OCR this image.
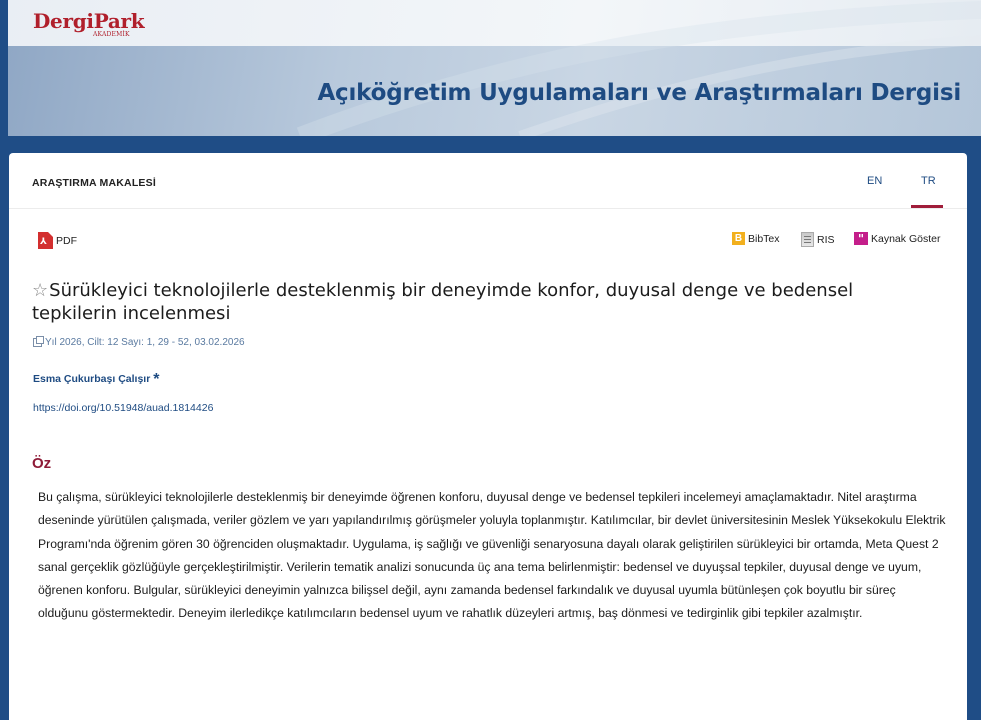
DergiPark
AKADEMİK
Açıköğretim Uygulamaları ve Araştırmaları Dergisi
ARAŞTIRMA MAKALESİ	EN	TR
⅄ PDF	B BibTex	RIS	" Kaynak Göster
☆Sürükleyici teknolojilerle desteklenmiş bir deneyimde konfor, duyusal denge ve bedensel tepkilerin incelenmesi
Yıl 2026, Cilt: 12 Sayı: 1, 29 - 52, 03.02.2026
Esma Çukurbaşı Çalışır *
https://doi.org/10.51948/auad.1814426
Öz
Bu çalışma, sürükleyici teknolojilerle desteklenmiş bir deneyimde öğrenen konforu, duyusal denge ve bedensel tepkileri incelemeyi amaçlamaktadır. Nitel araştırma deseninde yürütülen çalışmada, veriler gözlem ve yarı yapılandırılmış görüşmeler yoluyla toplanmıştır. Katılımcılar, bir devlet üniversitesinin Meslek Yüksekokulu Elektrik Programı'nda öğrenim gören 30 öğrenciden oluşmaktadır. Uygulama, iş sağlığı ve güvenliği senaryosuna dayalı olarak geliştirilen sürükleyici bir ortamda, Meta Quest 2 sanal gerçeklik gözlüğüyle gerçekleştirilmiştir. Verilerin tematik analizi sonucunda üç ana tema belirlenmiştir: bedensel ve duyuşsal tepkiler, duyusal denge ve uyum, öğrenen konforu. Bulgular, sürükleyici deneyimin yalnızca bilişsel değil, aynı zamanda bedensel farkındalık ve duyusal uyumla bütünleşen çok boyutlu bir süreç olduğunu göstermektedir. Deneyim ilerledikçe katılımcıların bedensel uyum ve rahatlık düzeyleri artmış, baş dönmesi ve tedirginlik gibi tepkiler azalmıştır.
